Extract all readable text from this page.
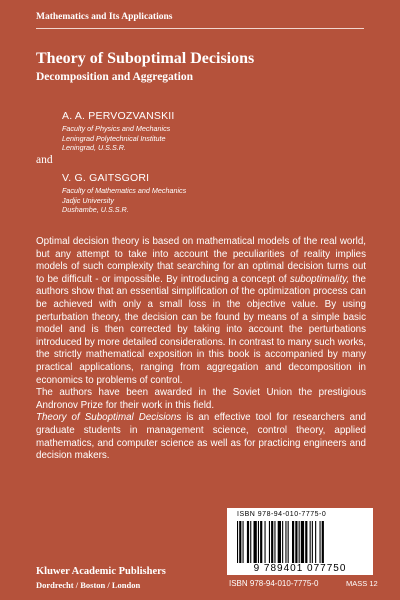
Mathematics and Its Applications
Theory of Suboptimal Decisions
Decomposition and Aggregation
A. A. PERVOZVANSKII
Faculty of Physics and Mechanics
Leningrad Polytechnical Institute
Leningrad, U.S.S.R.
and
V. G. GAITSGORI
Faculty of Mathematics and Mechanics
Jadjic University
Dushambe, U.S.S.R.

Optimal decision theory is based on mathematical models of the real world, but any attempt to take into account the peculiarities of reality implies models of such complexity that searching for an optimal decision turns out to be difficult - or impossible. By introducing a concept of suboptimality, the authors show that an essential simplification of the optimization process can be achieved with only a small loss in the objective value. By using perturbation theory, the decision can be found by means of a simple basic model and is then corrected by taking into account the perturbations introduced by more detailed considerations. In contrast to many such works, the strictly mathematical exposition in this book is accompanied by many practical applications, ranging from aggregation and decomposition in economics to problems of control.

The authors have been awarded in the Soviet Union the prestigious Andronov Prize for their work in this field.

Theory of Suboptimal Decisions is an effective tool for researchers and graduate students in management science, control theory, applied mathematics, and computer science as well as for practicing engineers and decision makers.

ISBN 978-94-010-7775-0
9 789401 077750
ISBN 978-94-010-7775-0	MASS 12
Kluwer Academic Publishers
Dordrecht / Boston / London
